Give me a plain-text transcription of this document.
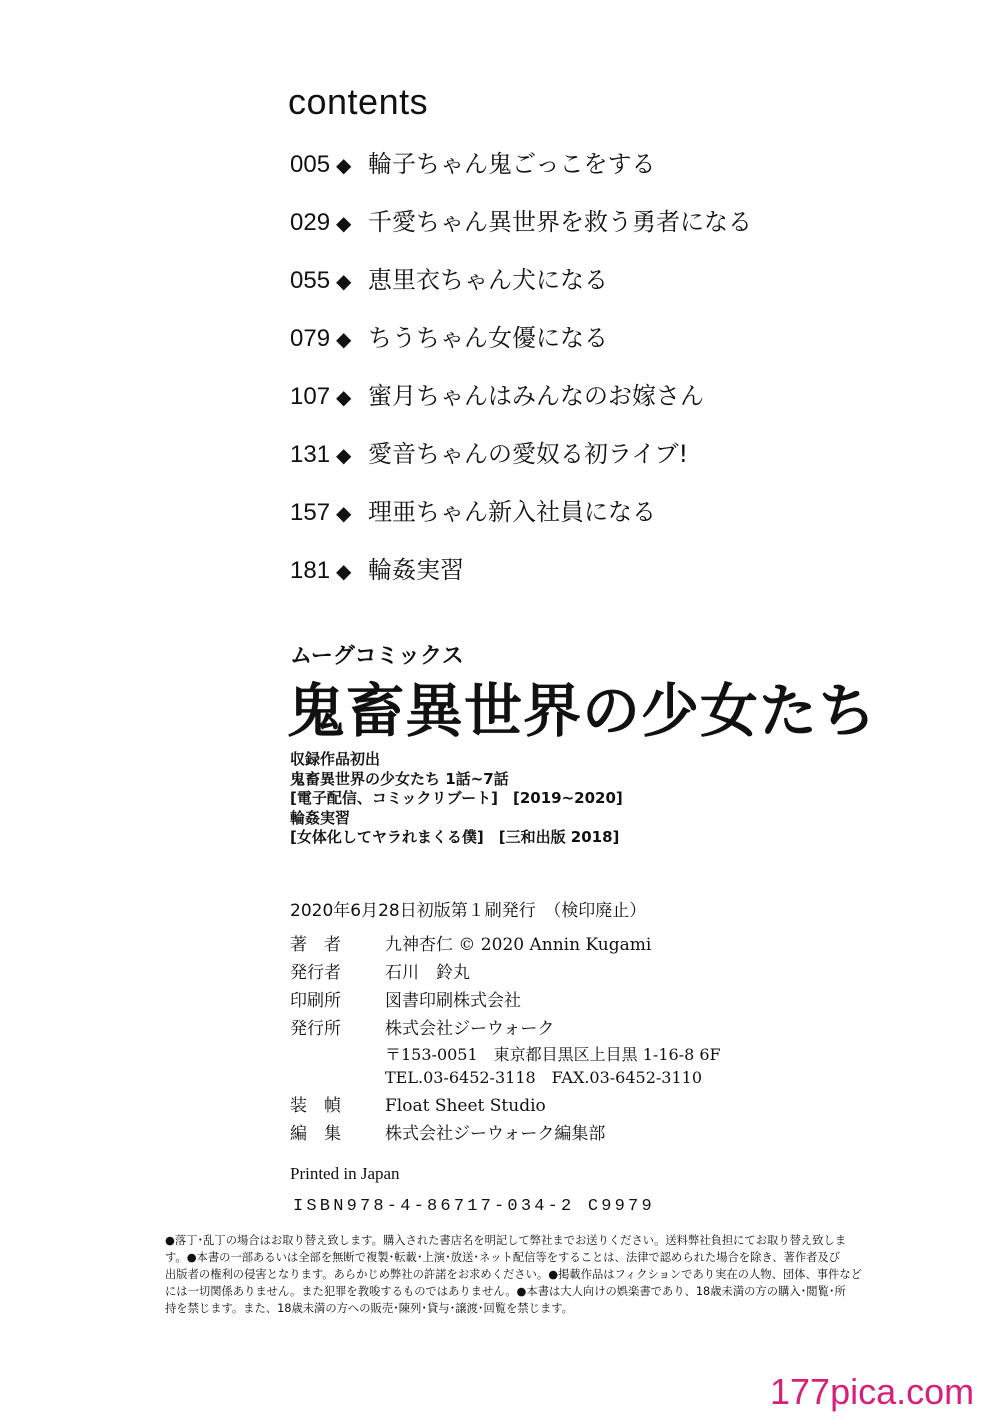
contents
005 ◆ 輪子ちゃん鬼ごっこをする
029 ◆ 千愛ちゃん異世界を救う勇者になる
055 ◆ 恵里衣ちゃん犬になる
079 ◆ ちうちゃん女優になる
107 ◆ 蜜月ちゃんはみんなのお嫁さん
131 ◆ 愛音ちゃんの愛奴る初ライブ!
157 ◆ 理亜ちゃん新入社員になる
181 ◆ 輪姦実習
ムーグコミックス
鬼畜異世界の少女たち
収録作品初出
鬼畜異世界の少女たち 1話~7話
[電子配信、コミックリブート]　[2019~2020]
輪姦実習
[女体化してヤラれまくる僕]　[三和出版 2018]
2020年6月28日初版第１刷発行　（検印廃止）
著　者	九神杏仁 © 2020 Annin Kugami
発行者	石川　鈴丸
印刷所	図書印刷株式会社
発行所	株式会社ジーウォーク
〒153-0051　東京都目黒区上目黒 1-16-8 6F
TEL.03-6452-3118　FAX.03-6452-3110
装　幀	Float Sheet Studio
編　集	株式会社ジーウォーク編集部
Printed in Japan
ISBN978-4-86717-034-2 C9979

●落丁･乱丁の場合はお取り替え致します。購入された書店名を明記して弊社までお送りください。送料弊社負担にてお取り替え致しま

す。●本書の一部あるいは全部を無断で複製･転載･上演･放送･ネット配信等をすることは、法律で認められた場合を除き、著作者及び

出版者の権利の侵害となります。あらかじめ弊社の許諾をお求めください。●掲載作品はフィクションであり実在の人物、団体、事件など

には一切関係ありません。また犯罪を教唆するものではありません。●本書は大人向けの娯楽書であり、18歳未満の方の購入･閲覧･所

持を禁じます。また、18歳未満の方への販売･陳列･貸与･譲渡･回覧を禁じます。

177pica.com
